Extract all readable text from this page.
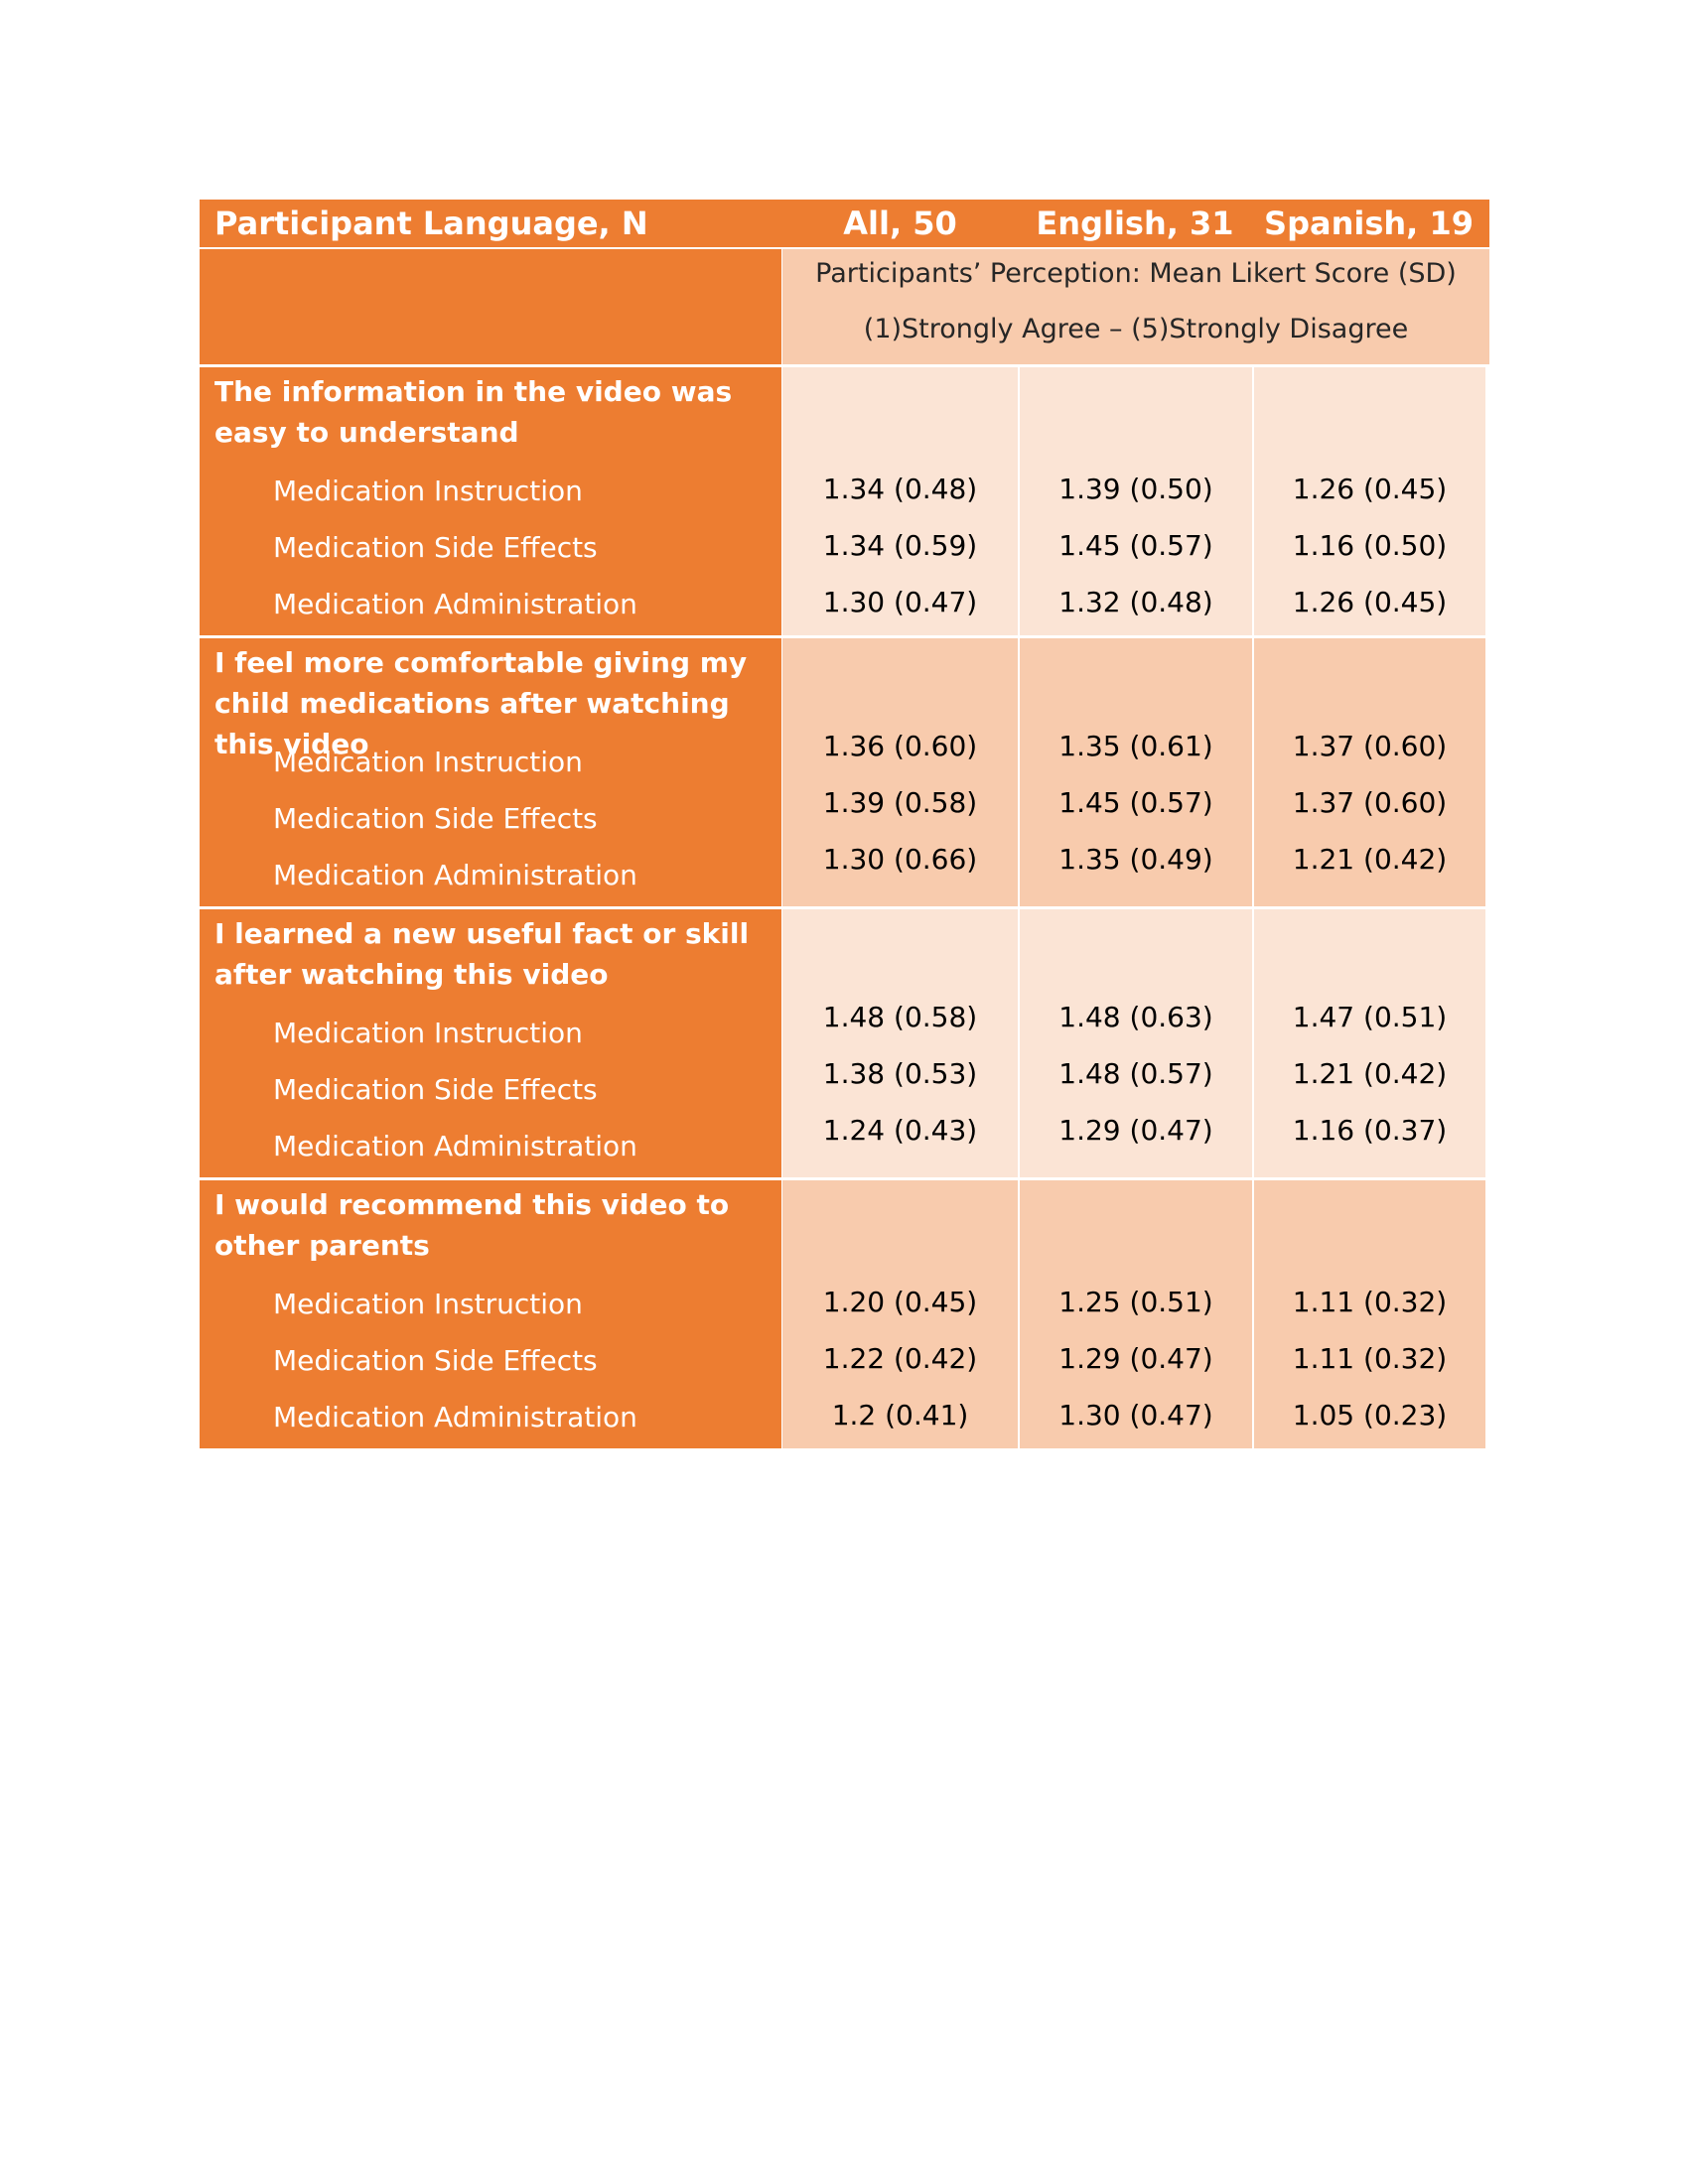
Participant Language, N	All, 50	English, 31 Spanish, 19
Participants’ Perception: Mean Likert Score (SD)
(1)Strongly Agree – (5)Strongly Disagree
The information in the video was easy to understand
Medication Instruction
Medication Side Effects
Medication Administration
1.34 (0.48)
1.34 (0.59)
1.30 (0.47)
1.39 (0.50)
1.45 (0.57)
1.32 (0.48)
1.26 (0.45)
1.16 (0.50)
1.26 (0.45)
I feel more comfortable giving my child medications after watching this video
Medication Instruction
Medication Side Effects
Medication Administration
1.36 (0.60)
1.39 (0.58)
1.30 (0.66)
1.35 (0.61)
1.45 (0.57)
1.35 (0.49)
1.37 (0.60)
1.37 (0.60)
1.21 (0.42)
I learned a new useful fact or skill after watching this video
Medication Instruction
Medication Side Effects
Medication Administration
1.48 (0.58)
1.38 (0.53)
1.24 (0.43)
1.48 (0.63)
1.48 (0.57)
1.29 (0.47)
1.47 (0.51)
1.21 (0.42)
1.16 (0.37)
I would recommend this video to other parents
Medication Instruction
Medication Side Effects
Medication Administration
1.20 (0.45)
1.22 (0.42)
1.2 (0.41)
1.25 (0.51)
1.29 (0.47)
1.30 (0.47)
1.11 (0.32)
1.11 (0.32)
1.05 (0.23)
